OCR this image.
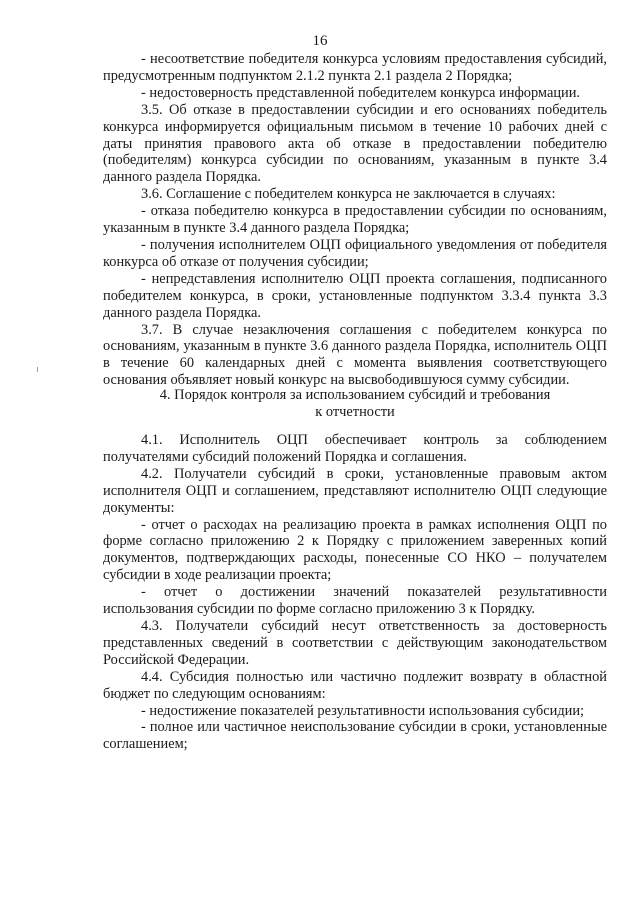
16

- несоответствие победителя конкурса условиям предоставления субсидий, предусмотренным подпунктом 2.1.2 пункта 2.1 раздела 2 Порядка;

- недостоверность представленной победителем конкурса информации.

3.5. Об отказе в предоставлении субсидии и его основаниях победитель конкурса информируется официальным письмом в течение 10 рабочих дней с даты принятия правового акта об отказе в предоставлении победителю (победителям) конкурса субсидии по основаниям, указанным в пункте 3.4 данного раздела Порядка.

3.6. Соглашение с победителем конкурса не заключается в случаях:

- отказа победителю конкурса в предоставлении субсидии по основаниям, указанным в пункте 3.4 данного раздела Порядка;

- получения исполнителем ОЦП официального уведомления от победителя конкурса об отказе от получения субсидии;

- непредставления исполнителю ОЦП проекта соглашения, подписанного победителем конкурса, в сроки, установленные подпунктом 3.3.4 пункта 3.3 данного раздела Порядка.

3.7. В случае незаключения соглашения с победителем конкурса по основаниям, указанным в пункте 3.6 данного раздела Порядка, исполнитель ОЦП в течение 60 календарных дней с момента выявления соответствующего основания объявляет новый конкурс на высвободившуюся сумму субсидии.

4. Порядок контроля за использованием субсидий и требования
к отчетности

4.1. Исполнитель ОЦП обеспечивает контроль за соблюдением получателями субсидий положений Порядка и соглашения.

4.2. Получатели субсидий в сроки, установленные правовым актом исполнителя ОЦП и соглашением, представляют исполнителю ОЦП следующие документы:

- отчет о расходах на реализацию проекта в рамках исполнения ОЦП по форме согласно приложению 2 к Порядку с приложением заверенных копий документов, подтверждающих расходы, понесенные СО НКО – получателем субсидии в ходе реализации проекта;

- отчет о достижении значений показателей результативности использования субсидии по форме согласно приложению 3 к Порядку.

4.3. Получатели субсидий несут ответственность за достоверность представленных сведений в соответствии с действующим законодательством Российской Федерации.

4.4. Субсидия полностью или частично подлежит возврату в областной бюджет по следующим основаниям:

- недостижение показателей результативности использования субсидии;

- полное или частичное неиспользование субсидии в сроки, установленные соглашением;
